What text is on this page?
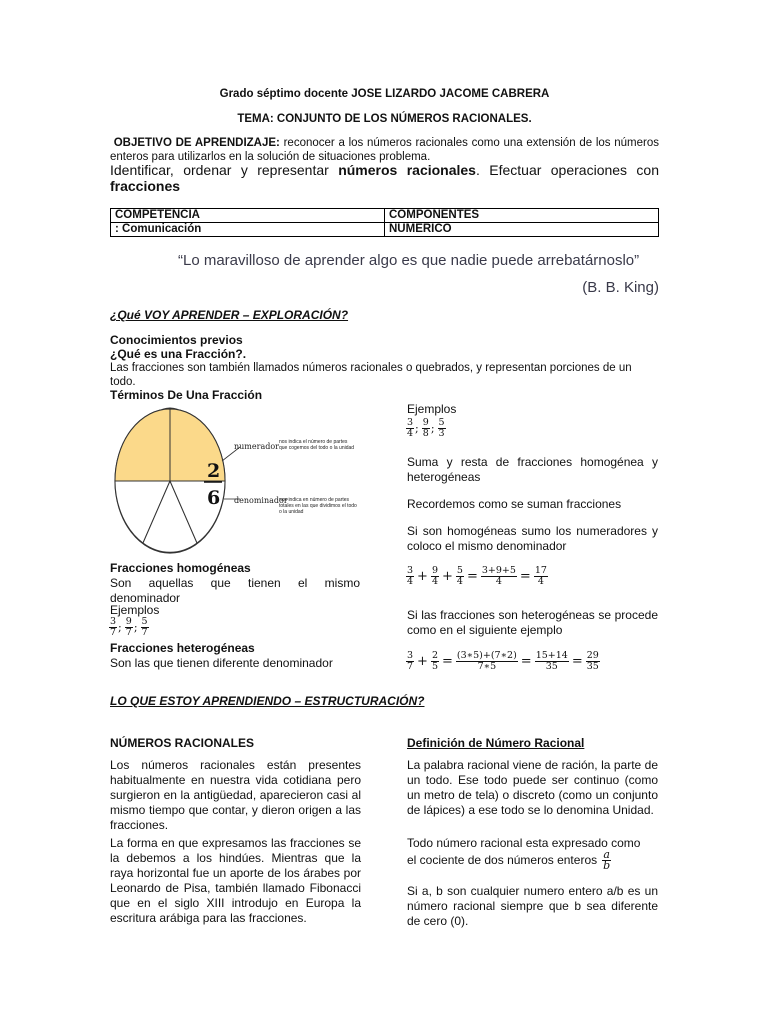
Grado séptimo docente JOSE LIZARDO JACOME CABRERA
TEMA: CONJUNTO DE LOS NÚMEROS RACIONALES.
OBJETIVO DE APRENDIZAJE: reconocer a los números racionales como una extensión de los números enteros para utilizarlos en la solución de situaciones problema.
Identificar, ordenar y representar números racionales. Efectuar operaciones con fracciones
COMPETENCIA	COMPONENTES
: Comunicación	NUMERICO
“Lo maravilloso de aprender algo es que nadie puede arrebatárnoslo”
(B. B. King)
¿Qué VOY APRENDER – EXPLORACIÓN?
Conocimientos previos
¿Qué es una Fracción?.
Las fracciones son también llamados números racionales o quebrados, y representan porciones de un todo.
Términos De Una Fracción
2
6
numerador
denominador
nos indica el número de partes que cogemos del todo o la unidad
nos indica en número de partes totales en las que dividimos el todo o la unidad
Fracciones homogéneas
Son aquellas que tienen el mismo denominador
Ejemplos
$\frac{3}{7}$ ; $\frac{9}{7}$ ; $\frac{5}{7}$
Fracciones heterogéneas
Son las que tienen diferente denominador
Ejemplos
$\frac{3}{4}$ ; $\frac{9}{8}$ ; $\frac{5}{3}$
Suma y resta de fracciones homogénea y heterogéneas
Recordemos como se suman fracciones
Si son homogéneas sumo los numeradores y coloco el mismo denominador
$\frac{3}{4} + \frac{9}{4} + \frac{5}{4} = \frac{3+9+5}{4} = \frac{17}{4}$
Si las fracciones son heterogéneas se procede como en el siguiente ejemplo
$\frac{3}{7} + \frac{2}{5} = \frac{(3∗5)+(7∗2)}{7∗5} = \frac{15+14}{35} = \frac{29}{35}$
LO QUE ESTOY APRENDIENDO – ESTRUCTURACIÓN?
NÚMEROS RACIONALES
Los números racionales están presentes habitualmente en nuestra vida cotidiana pero surgieron en la antigüedad, aparecieron casi al mismo tiempo que contar, y dieron origen a las fracciones.
La forma en que expresamos las fracciones se la debemos a los hindúes. Mientras que la raya horizontal fue un aporte de los árabes por Leonardo de Pisa, también llamado Fibonacci que en el siglo XIII introdujo en Europa la escritura arábiga para las fracciones.
Definición de Número Racional
La palabra racional viene de ración, la parte de un todo. Ese todo puede ser continuo (como un metro de tela) o discreto (como un conjunto de lápices) a ese todo se lo denomina Unidad.
Todo número racional esta expresado como
el cociente de dos números enteros $\frac{a}{b}$
Si a, b son cualquier numero entero a/b es un número racional siempre que b sea diferente de cero (0).
